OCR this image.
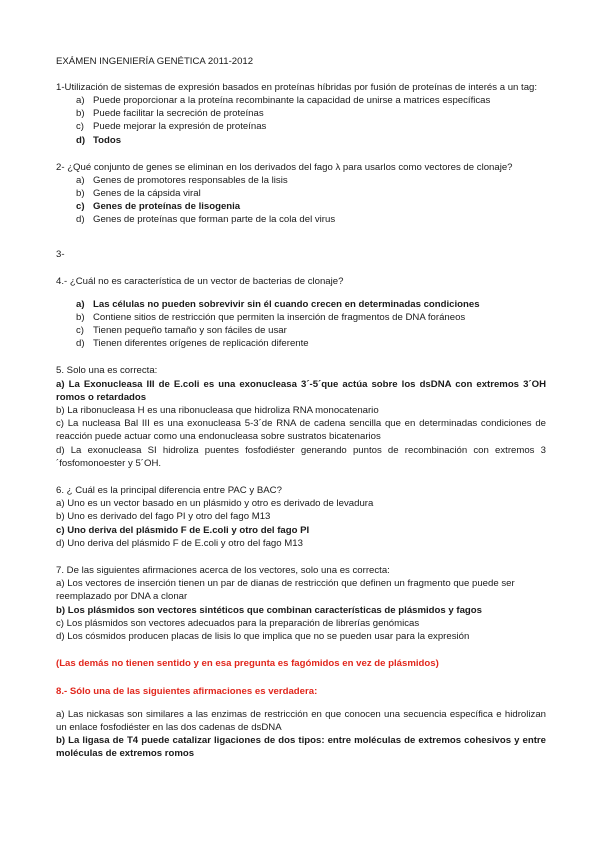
EXÁMEN INGENIERÍA GENÉTICA 2011-2012
1-Utilización de sistemas de expresión basados en proteínas híbridas por fusión de proteínas de interés a un tag:
a) Puede proporcionar a la proteína recombinante la capacidad de unirse a matrices específicas
b) Puede facilitar la secreción de proteínas
c) Puede mejorar la expresión de proteínas
d) Todos
2- ¿Qué conjunto de genes se eliminan en los derivados del fago λ para usarlos como vectores de clonaje?
a) Genes de promotores responsables de la lisis
b) Genes de la cápsida viral
c) Genes de proteínas de lisogenia
d) Genes de proteínas que forman parte de la cola del virus
3-
4.- ¿Cuál no es característica de un vector de bacterias de clonaje?
a) Las células no pueden sobrevivir sin él cuando crecen en determinadas condiciones
b) Contiene sitios de restricción que permiten la inserción de fragmentos de DNA foráneos
c) Tienen pequeño tamaño y son fáciles de usar
d) Tienen diferentes orígenes de replicación diferente
5. Solo una es correcta:
a) La Exonucleasa III de E.coli es una exonucleasa 3´-5´que actúa sobre los dsDNA con extremos 3´OH romos o retardados
b) La ribonucleasa H es una ribonucleasa que hidroliza RNA monocatenario
c) La nucleasa Bal III es una exonucleasa 5-3´de RNA de cadena sencilla que en determinadas condiciones de reacción puede actuar como una endonucleasa sobre sustratos bicatenarios
d) La exonucleasa SI hidroliza puentes fosfodiéster generando puntos de recombinación con extremos 3´fosfomonoester y 5´OH.
6. ¿ Cuál es la principal diferencia entre PAC y BAC?
a) Uno es un vector basado en un plásmido y otro es derivado de levadura
b) Uno es derivado del fago PI y otro del fago M13
c) Uno deriva del plásmido F de E.coli y otro del fago PI
d) Uno deriva del plásmido F de E.coli y otro del fago M13
7. De las siguientes afirmaciones acerca de los vectores, solo una es correcta:
a) Los vectores de inserción tienen un par de dianas de restricción que definen un fragmento que puede ser reemplazado por DNA a clonar
b) Los plásmidos son vectores sintéticos que combinan características de plásmidos y fagos
c) Los plásmidos son vectores adecuados para la preparación de librerías genómicas
d) Los cósmidos producen placas de lisis lo que implica que no se pueden usar para la expresión
(Las demás no tienen sentido y en esa pregunta es fagómidos en vez de plásmidos)
8.- Sólo una de las siguientes afirmaciones es verdadera:
a) Las nickasas son similares a las enzimas de restricción en que conocen una secuencia específica e hidrolizan un enlace fosfodiéster en las dos cadenas de dsDNA
b) La ligasa de T4 puede catalizar ligaciones de dos tipos: entre moléculas de extremos cohesivos y entre moléculas de extremos romos
